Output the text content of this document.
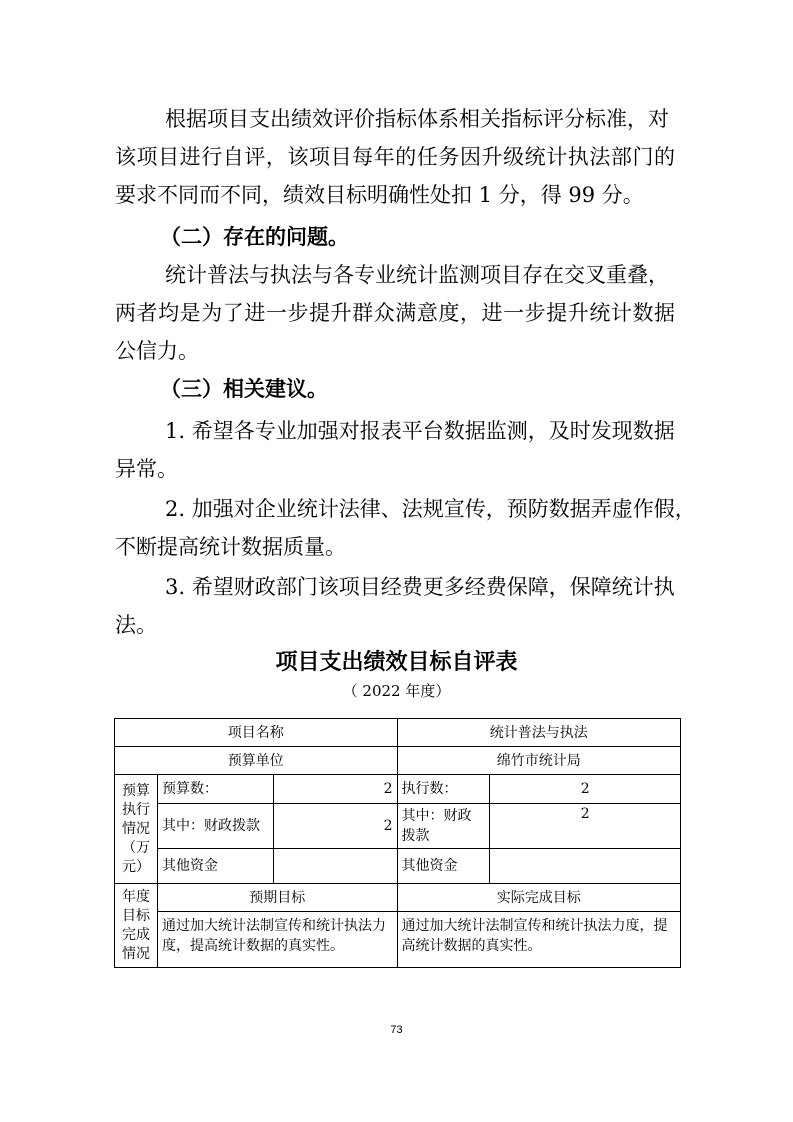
根据项目支出绩效评价指标体系相关指标评分标准，对
该项目进行自评，该项目每年的任务因升级统计执法部门的
要求不同而不同，绩效目标明确性处扣 1 分，得 99 分。
（二）存在的问题。
统计普法与执法与各专业统计监测项目存在交叉重叠，
两者均是为了进一步提升群众满意度，进一步提升统计数据
公信力。
（三）相关建议。
1. 希望各专业加强对报表平台数据监测，及时发现数据
异常。
2. 加强对企业统计法律、法规宣传，预防数据弄虚作假，
不断提高统计数据质量。
3. 希望财政部门该项目经费更多经费保障，保障统计执
法。
项目支出绩效目标自评表
（ 2022 年度）
项目名称			统计普法与执法	
预算单位			绵竹市统计局	
预算执行情况（万元）	预算数：	2	执行数：	2
	其中：财政拨款	2	其中：财政拨款	2
	其他资金		其他资金	
年度目标完成情况	预期目标		实际完成目标	
	通过加大统计法制宣传和统计执法力度，提高统计数据的真实性。		通过加大统计法制宣传和统计执法力度，提高统计数据的真实性。	
73
